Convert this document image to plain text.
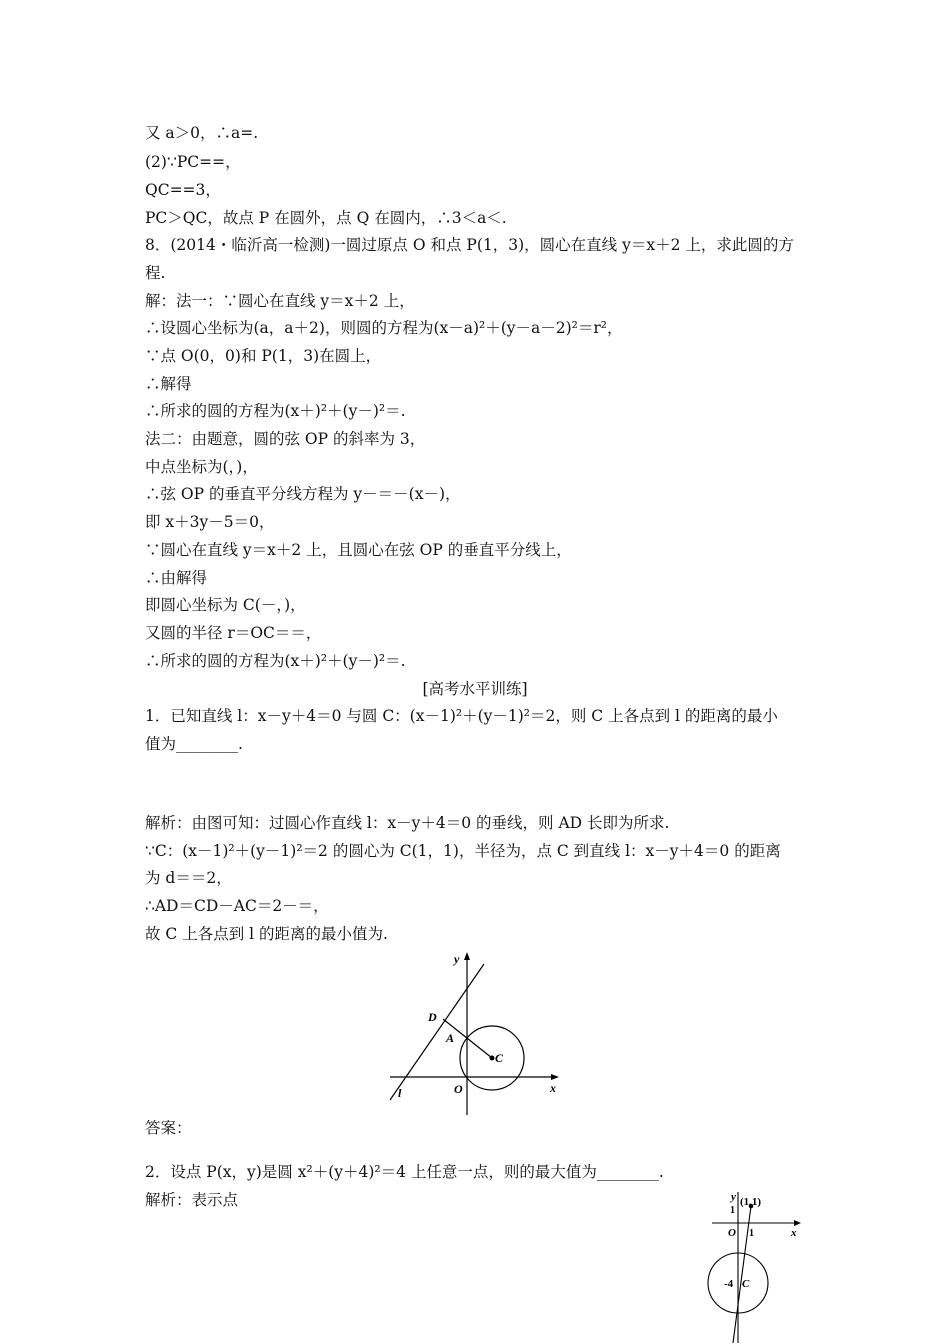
又 a＞0，∴a=.
(2)∵PC==，
QC==3，
PC＞QC，故点 P 在圆外，点 Q 在圆内，∴3＜a＜.
8．(2014・临沂高一检测)一圆过原点 O 和点 P(1，3)，圆心在直线 y＝x＋2 上，求此圆的方
程.
解：法一：∵圆心在直线 y＝x＋2 上，
∴设圆心坐标为(a，a＋2)，则圆的方程为(x－a)²＋(y－a－2)²＝r²，
∵点 O(0，0)和 P(1，3)在圆上，
∴解得
∴所求的圆的方程为(x＋)²＋(y－)²＝.
法二：由题意，圆的弦 OP 的斜率为 3，
中点坐标为(，)，
∴弦 OP 的垂直平分线方程为 y－＝－(x－)，
即 x＋3y－5＝0，
∵圆心在直线 y＝x＋2 上，且圆心在弦 OP 的垂直平分线上，
∴由解得
即圆心坐标为 C(－，)，
又圆的半径 r＝OC＝＝，
∴所求的圆的方程为(x＋)²＋(y－)²＝.
[高考水平训练]
1．已知直线 l：x－y＋4＝0 与圆 C：(x－1)²＋(y－1)²＝2，则 C 上各点到 l 的距离的最小
值为________.
解析：由图可知：过圆心作直线 l：x－y＋4＝0 的垂线，则 AD 长即为所求.
∵C：(x－1)²＋(y－1)²＝2 的圆心为 C(1，1)，半径为，点 C 到直线 l：x－y＋4＝0 的距离
为 d＝＝2，
∴AD＝CD－AC＝2－＝，
故 C 上各点到 l 的距离的最小值为.
y
x
D
A
C
O
l
答案：
2．设点 P(x，y)是圆 x²＋(y＋4)²＝4 上任意一点，则的最大值为________.
解析：表示点	y (1,1)
1
x
O 1
-4 C
